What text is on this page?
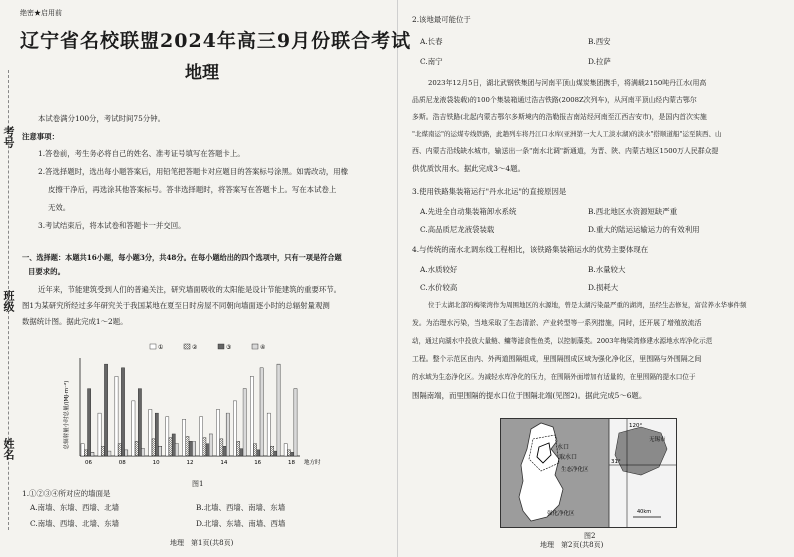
考号
班级
姓名
绝密★启用前
辽宁省名校联盟2024年高三9月份联合考试
地理
本试卷满分100分，考试时间75分钟。
注意事项：
1.答卷前，考生务必将自己的姓名、准考证号填写在答题卡上。
2.答选择题时，选出每小题答案后，用铅笔把答题卡对应题目的答案标号涂黑。如需改动，用橡
皮擦干净后，再选涂其他答案标号。答非选择题时，将答案写在答题卡上。写在本试卷上
无效。
3.考试结束后，将本试卷和答题卡一并交回。
一、选择题：本题共16小题，每小题3分，共48分。在每小题给出的四个选项中，只有一项是符合题
目要求的。
近年来，节能建筑受到人们的普遍关注，研究墙面吸收的太阳能是设计节能建筑的重要环节。
图1为某研究所经过多年研究关于我国某地在夏至日时房屋不同朝向墙面逐小时的总辐射量观测
数据统计图。据此完成1～2题。
①	②	③	④
06	08	10	12	14	16	18 地方时
总辐射量小时总量/(MJ·m⁻²)
图1
1.①②③④所对应的墙面是
A.南墙、东墙、西墙、北墙	B.北墙、西墙、南墙、东墙
C.南墙、西墙、北墙、东墙	D.北墙、东墙、南墙、西墙
地理　第1页(共8页)
2.该地最可能位于
A.长春	B.西安
C.南宁	D.拉萨
2023年12月5日，湖北武钢铁集团与河南平顶山煤炭集团携手，将满载2150吨丹江水(用高
品质尼龙液袋装载)的100个集装箱通过浩吉铁路(2008Z次列车)，从河南平顶山经内蒙古鄂尔
多斯。浩吉铁路(北起内蒙古鄂尔多斯境内的浩勒报吉南站经河南至江西吉安市)，是国内首次实施
"北煤南运"的运煤专线铁路，此趟列车将丹江口水库(亚洲第一大人工淡水湖)的淡水"搭顺道船"运至陕西、山
西、内蒙古沿线缺水城市，输送出一条"南水北调"新通道，为晋、陕、内蒙古地区1500万人民群众提
供优质饮用水。据此完成3～4题。
3.使用铁路集装箱运行"丹水北运"的直接原因是
A.先进全自动集装箱卸水系统	B.西北地区水资源短缺严重
C.高品质尼龙液袋装载	D.重大的陆运运输运力的有效利用
4.与传统的南水北调东线工程相比，该铁路集装箱运水的优势主要体现在
A.水质较好	B.水量较大
C.水价较高	D.损耗大
位于太湖北部的梅梁湾作为周围地区的水源地，曾是太湖污染最严重的湖湾，虽经生态修复，富营养水华事件频
发。为治理水污染，当地采取了生态清淤、产业转型等一系列措施，同时，还开展了增殖放流活
动，通过向湖水中投放大量鲢、鳙等滤食性鱼类，以控制藻类。2003年梅梁湾修建水源地水库净化示范
工程。整个示范区由内、外两道围隔组成，里围隔围成区域为强化净化区，里围隔与外围隔之间
的水域为生态净化区。为减轻水库净化的压力，在围隔外面增加有适量的，在里围隔的提水口位于
围隔南端，而里围隔的提水口位于围隔北端(见图2)。据此完成5～6题。
水口
取水口
生态净化区
强化净化区
120°
31°
无锡市
40km
图2
地理　第2页(共8页)
